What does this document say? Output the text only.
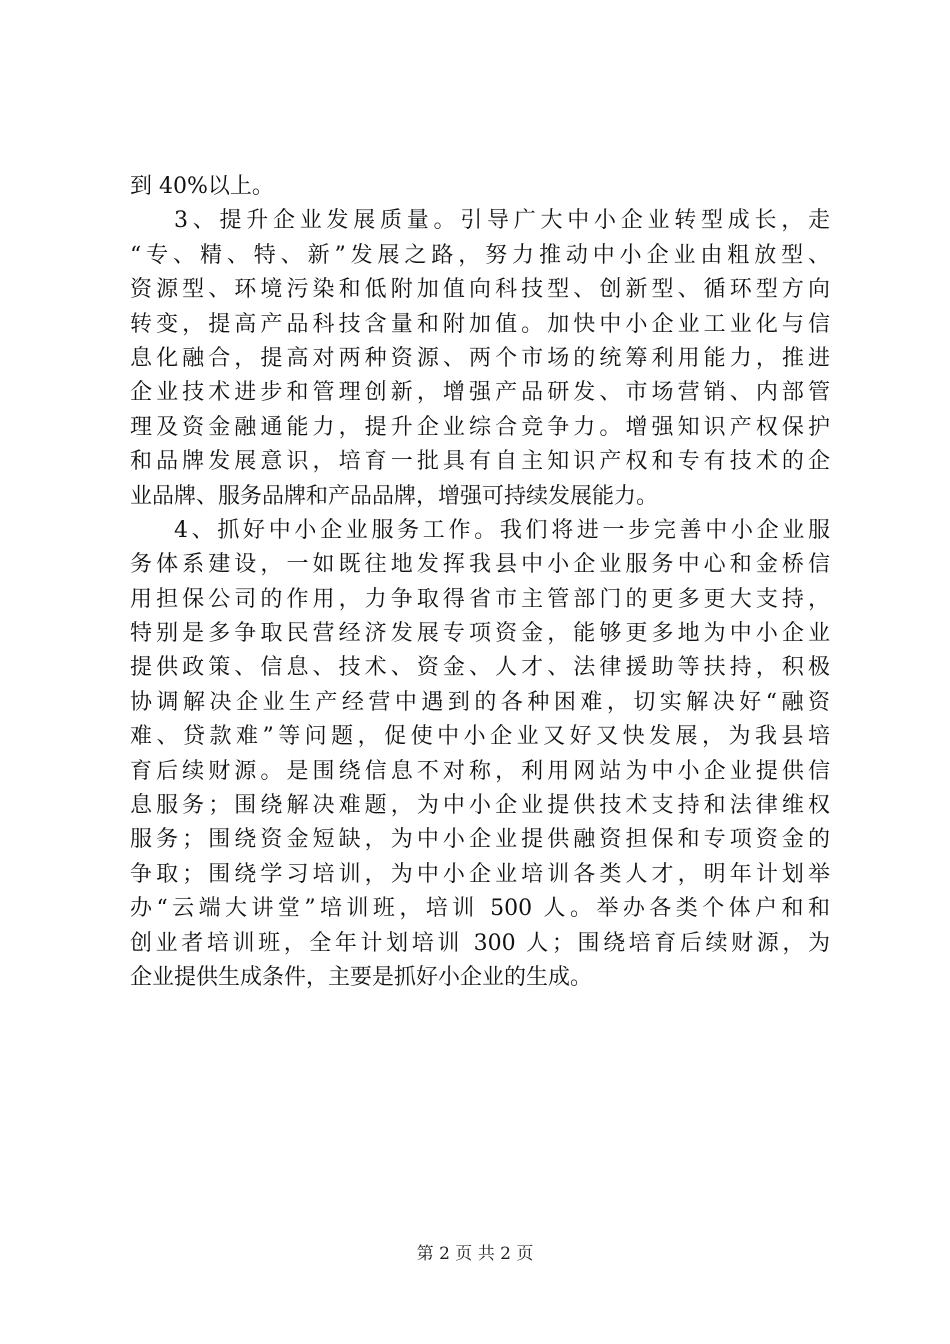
到 40%以上。
3、提升企业发展质量。引导广大中小企业转型成长，走
“专、精、特、新”发展之路，努力推动中小企业由粗放型、
资源型、环境污染和低附加值向科技型、创新型、循环型方向
转变，提高产品科技含量和附加值。加快中小企业工业化与信
息化融合，提高对两种资源、两个市场的统筹利用能力，推进
企业技术进步和管理创新，增强产品研发、市场营销、内部管
理及资金融通能力，提升企业综合竞争力。增强知识产权保护
和品牌发展意识，培育一批具有自主知识产权和专有技术的企
业品牌、服务品牌和产品品牌，增强可持续发展能力。
4、抓好中小企业服务工作。我们将进一步完善中小企业服
务体系建设，一如既往地发挥我县中小企业服务中心和金桥信
用担保公司的作用，力争取得省市主管部门的更多更大支持，
特别是多争取民营经济发展专项资金，能够更多地为中小企业
提供政策、信息、技术、资金、人才、法律援助等扶持，积极
协调解决企业生产经营中遇到的各种困难，切实解决好“融资
难、贷款难”等问题，促使中小企业又好又快发展，为我县培
育后续财源。是围绕信息不对称，利用网站为中小企业提供信
息服务；围绕解决难题，为中小企业提供技术支持和法律维权
服务；围绕资金短缺，为中小企业提供融资担保和专项资金的
争取；围绕学习培训，为中小企业培训各类人才，明年计划举
办“云端大讲堂”培训班，培训 500 人。举办各类个体户和和
创业者培训班，全年计划培训 300 人；围绕培育后续财源，为
企业提供生成条件，主要是抓好小企业的生成。
第 2 页 共 2 页
